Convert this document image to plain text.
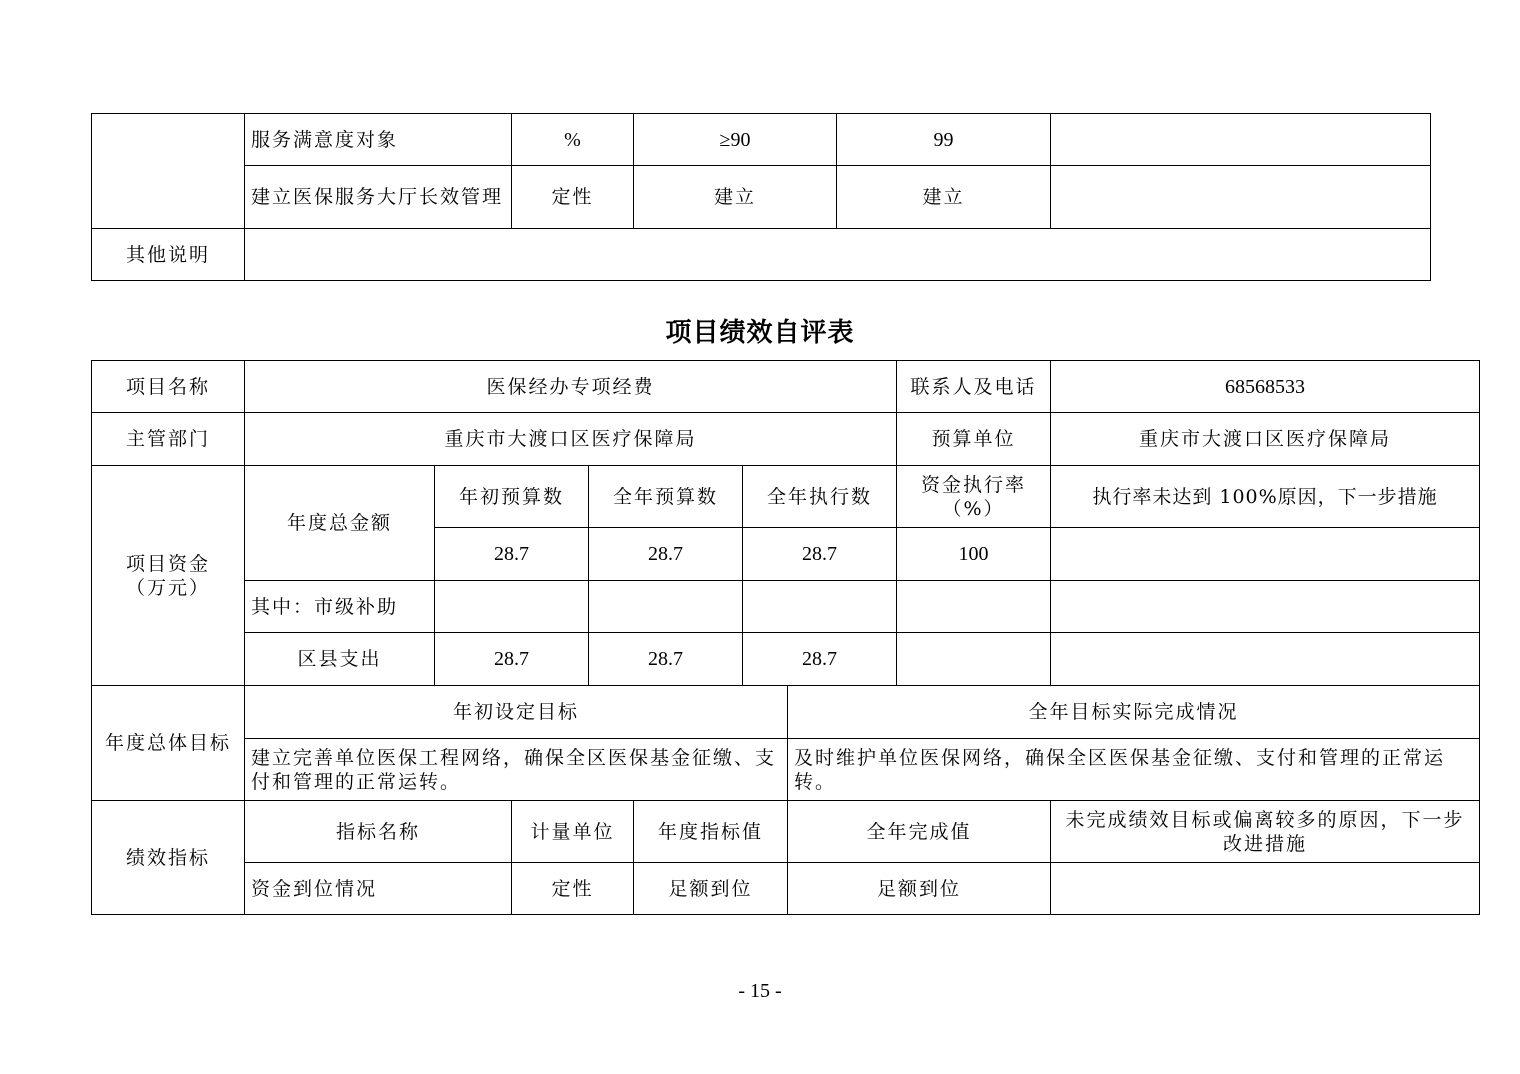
	服务满意度对象	%	≥90	99	
	建立医保服务大厅长效管理	定性	建立	建立	
其他说明					
项目绩效自评表
项目名称	医保经办专项经费							联系人及电话	68568533
主管部门	重庆市大渡口区医疗保障局							预算单位	重庆市大渡口区医疗保障局

项目资金（万元）	年度总金额	年初预算数		全年预算数		全年执行数		资金执行率（%）	执行率未达到 100%原因，下一步措施
		28.7		28.7		28.7		100	
	其中：市级补助								
	区县支出	28.7		28.7		28.7			
年度总体目标	年初设定目标						全年目标实际完成情况		
	建立完善单位医保工程网络，确保全区医保基金征缴、支付和管理的正常运转。						及时维护单位医保网络，确保全区医保基金征缴、支付和管理的正常运转。		
绩效指标	指标名称		计量单位		年度指标值		全年完成值		未完成绩效目标或偏离较多的原因，下一步改进措施
	资金到位情况		定性		足额到位		足额到位		
- 15 -
